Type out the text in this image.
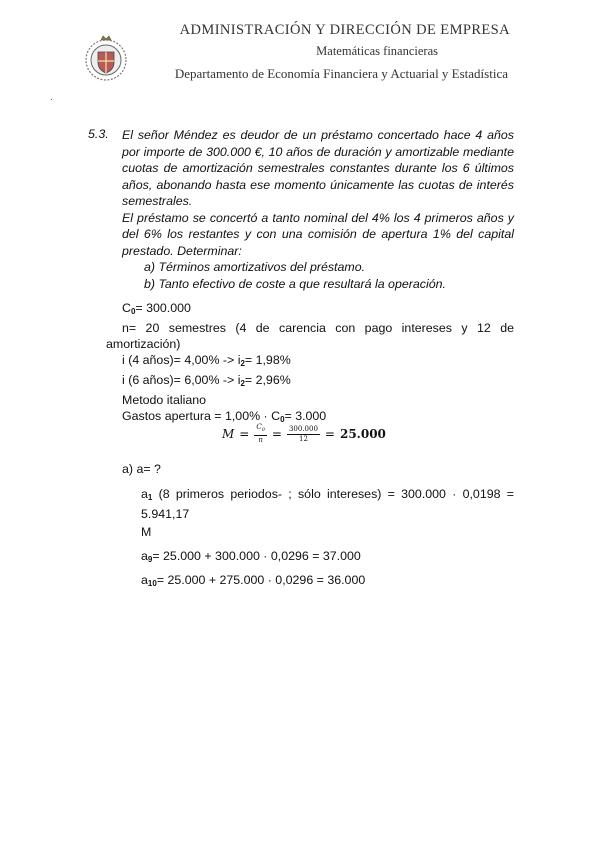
ADMINISTRACIÓN Y DIRECCIÓN DE EMPRESA
Matemáticas financieras
Departamento de Economía Financiera y Actuarial y Estadística
.
5.3. El señor Méndez es deudor de un préstamo concertado hace 4 años por importe de 300.000 €, 10 años de duración y amortizable mediante cuotas de amortización semestrales constantes durante los 6 últimos años, abonando hasta ese momento únicamente las cuotas de interés semestrales.

El préstamo se concertó a tanto nominal del 4% los 4 primeros años y del 6% los restantes y con una comisión de apertura 1% del capital prestado. Determinar:

a) Términos amortizativos del préstamo.

b) Tanto efectivo de coste a que resultará la operación.

$C_0= 300.000$

n= 20 semestres (4 de carencia con pago intereses y 12 de amortización)

i (4 años)= $4,00\% -> i_2= 1,98\%$

i (6 años)= $6,00\% -> i_2= 2,96\%$

Metodo italiano

Gastos apertura = $1,00\% \cdot C_0= 3.000$

$M = \frac{C_0}{n} = \frac{300.000}{12} = 25.000$
a) a= ?
$a_1$ (8 primeros periodos- ; sólo intereses) = 300.000 · 0,0198 = 5.941,17
M
$a_9= 25.000 + 300.000 \cdot 0,0296 = 37.000$
$a_{10}= 25.000 + 275.000 \cdot 0,0296 = 36.000$
